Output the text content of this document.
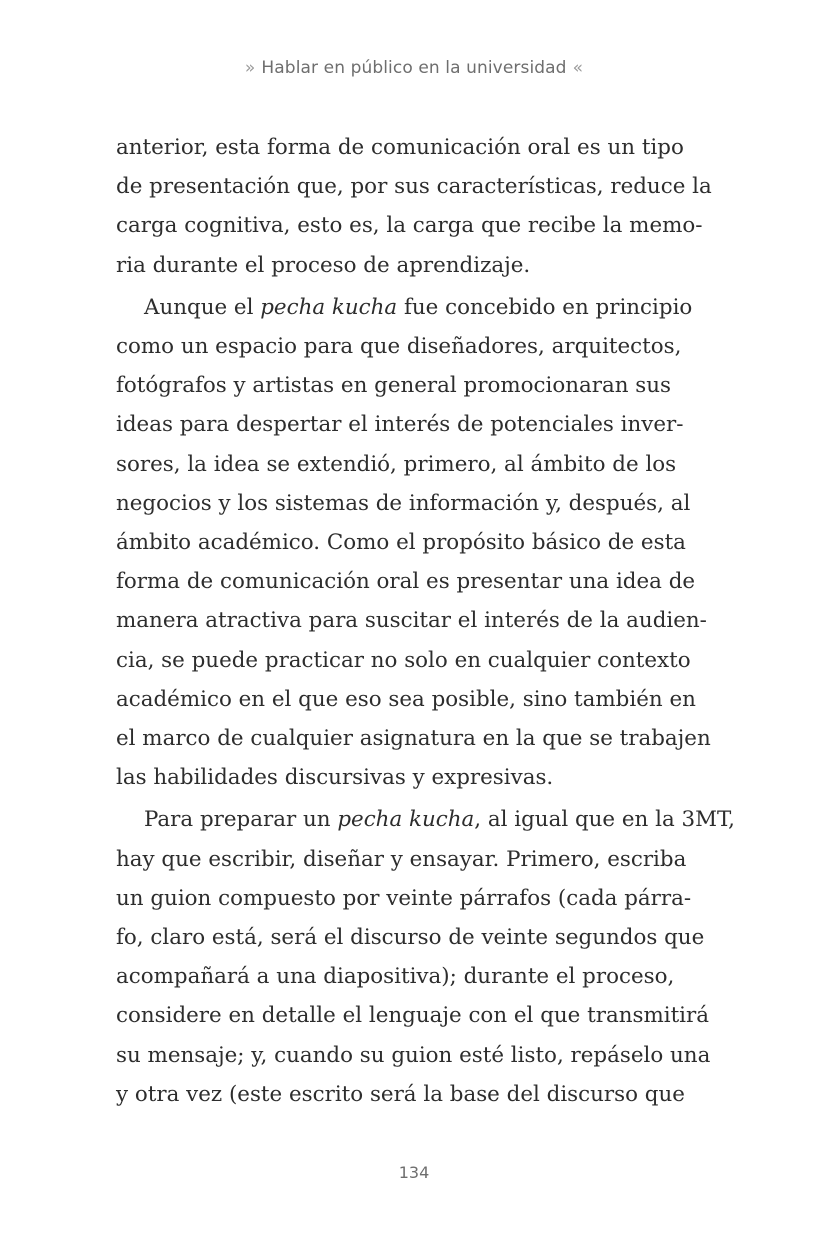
» Hablar en público en la universidad «

anterior, esta forma de comunicación oral es un tipo
de presentación que, por sus características, reduce la
carga cognitiva, esto es, la carga que recibe la memo-
ria durante el proceso de aprendizaje.

Aunque el pecha kucha fue concebido en principio
como un espacio para que diseñadores, arquitectos,
fotógrafos y artistas en general promocionaran sus
ideas para despertar el interés de potenciales inver-
sores, la idea se extendió, primero, al ámbito de los
negocios y los sistemas de información y, después, al
ámbito académico. Como el propósito básico de esta
forma de comunicación oral es presentar una idea de
manera atractiva para suscitar el interés de la audien-
cia, se puede practicar no solo en cualquier contexto
académico en el que eso sea posible, sino también en
el marco de cualquier asignatura en la que se trabajen
las habilidades discursivas y expresivas.

Para preparar un pecha kucha, al igual que en la 3MT,
hay que escribir, diseñar y ensayar. Primero, escriba
un guion compuesto por veinte párrafos (cada párra-
fo, claro está, será el discurso de veinte segundos que
acompañará a una diapositiva); durante el proceso,
considere en detalle el lenguaje con el que transmitirá
su mensaje; y, cuando su guion esté listo, repáselo una
y otra vez (este escrito será la base del discurso que

134
